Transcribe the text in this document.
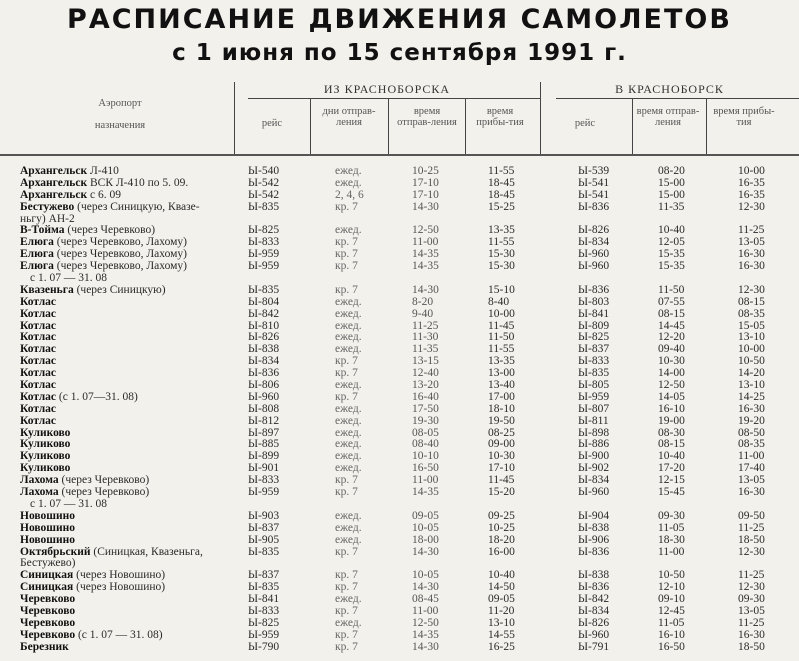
РАСПИСАНИЕ ДВИЖЕНИЯ САМОЛЕТОВ
с 1 июня по 15 сентября 1991 г.
Аэропорт
назначения
ИЗ КРАСНОБОРСКА
рейс
дни отправ-ления
время отправ-ления
время прибы-тия
В КРАСНОБОРСК
рейс
время отправ-ления
время прибы-тия
Архангельск Л-410	Ы-540	ежед.	10-25	11-55	Ы-539	08-20	10-00
Архангельск ВСК Л-410 по 5. 09.	Ы-542	ежед.	17-10	18-45	Ы-541	15-00	16-35
Архангельск с 6. 09	Ы-542	2, 4, 6	17-10	18-45	Ы-541	15-00	16-35
Бестужево (через Синицкую, Квазе-	Ы-835	кр. 7	14-30	15-25	Ы-836	11-35	12-30
ньгу) АН-2
В-Тойма (через Черевково)	Ы-825	ежед.	12-50	13-35	Ы-826	10-40	11-25
Елюга (через Черевково, Лахому)	Ы-833	кр. 7	11-00	11-55	Ы-834	12-05	13-05
Елюга (через Черевково, Лахому)	Ы-959	кр. 7	14-35	15-30	Ы-960	15-35	16-30
Елюга (через Черевково, Лахому)	Ы-959	кр. 7	14-35	15-30	Ы-960	15-35	16-30
с 1. 07 — 31. 08
Квазеньга (через Синицкую)	Ы-835	кр. 7	14-30	15-10	Ы-836	11-50	12-30
Котлас	Ы-804	ежед.	8-20	8-40	Ы-803	07-55	08-15
Котлас	Ы-842	ежед.	9-40	10-00	Ы-841	08-15	08-35
Котлас	Ы-810	ежед.	11-25	11-45	Ы-809	14-45	15-05
Котлас	Ы-826	ежед.	11-30	11-50	Ы-825	12-20	13-10
Котлас	Ы-838	ежед.	11-35	11-55	Ы-837	09-40	10-00
Котлас	Ы-834	кр. 7	13-15	13-35	Ы-833	10-30	10-50
Котлас	Ы-836	кр. 7	12-40	13-00	Ы-835	14-00	14-20
Котлас	Ы-806	ежед.	13-20	13-40	Ы-805	12-50	13-10
Котлас (с 1. 07—31. 08)	Ы-960	кр. 7	16-40	17-00	Ы-959	14-05	14-25
Котлас	Ы-808	ежед.	17-50	18-10	Ы-807	16-10	16-30
Котлас	Ы-812	ежед.	19-30	19-50	Ы-811	19-00	19-20
Куликово	Ы-897	ежед.	08-05	08-25	Ы-898	08-30	08-50
Куликово	Ы-885	ежед.	08-40	09-00	Ы-886	08-15	08-35
Куликово	Ы-899	ежед.	10-10	10-30	Ы-900	10-40	11-00
Куликово	Ы-901	ежед.	16-50	17-10	Ы-902	17-20	17-40
Лахома (через Черевково)	Ы-833	кр. 7	11-00	11-45	Ы-834	12-15	13-05
Лахома (через Черевково)	Ы-959	кр. 7	14-35	15-20	Ы-960	15-45	16-30
с 1. 07 — 31. 08
Новошино	Ы-903	ежед.	09-05	09-25	Ы-904	09-30	09-50
Новошино	Ы-837	ежед.	10-05	10-25	Ы-838	11-05	11-25
Новошино	Ы-905	ежед.	18-00	18-20	Ы-906	18-30	18-50
Октябрьский (Синицкая, Квазеньга,	Ы-835	кр. 7	14-30	16-00	Ы-836	11-00	12-30
Бестужево)
Синицкая (через Новошино)	Ы-837	кр. 7	10-05	10-40	Ы-838	10-50	11-25
Синицкая (через Новошино)	Ы-835	кр. 7	14-30	14-50	Ы-836	12-10	12-30
Черевково	Ы-841	ежед.	08-45	09-05	Ы-842	09-10	09-30
Черевково	Ы-833	кр. 7	11-00	11-20	Ы-834	12-45	13-05
Черевково	Ы-825	ежед.	12-50	13-10	Ы-826	11-05	11-25
Черевково (с 1. 07 — 31. 08)	Ы-959	кр. 7	14-35	14-55	Ы-960	16-10	16-30
Березник	Ы-790	кр. 7	14-30	16-25	Ы-791	16-50	18-50
